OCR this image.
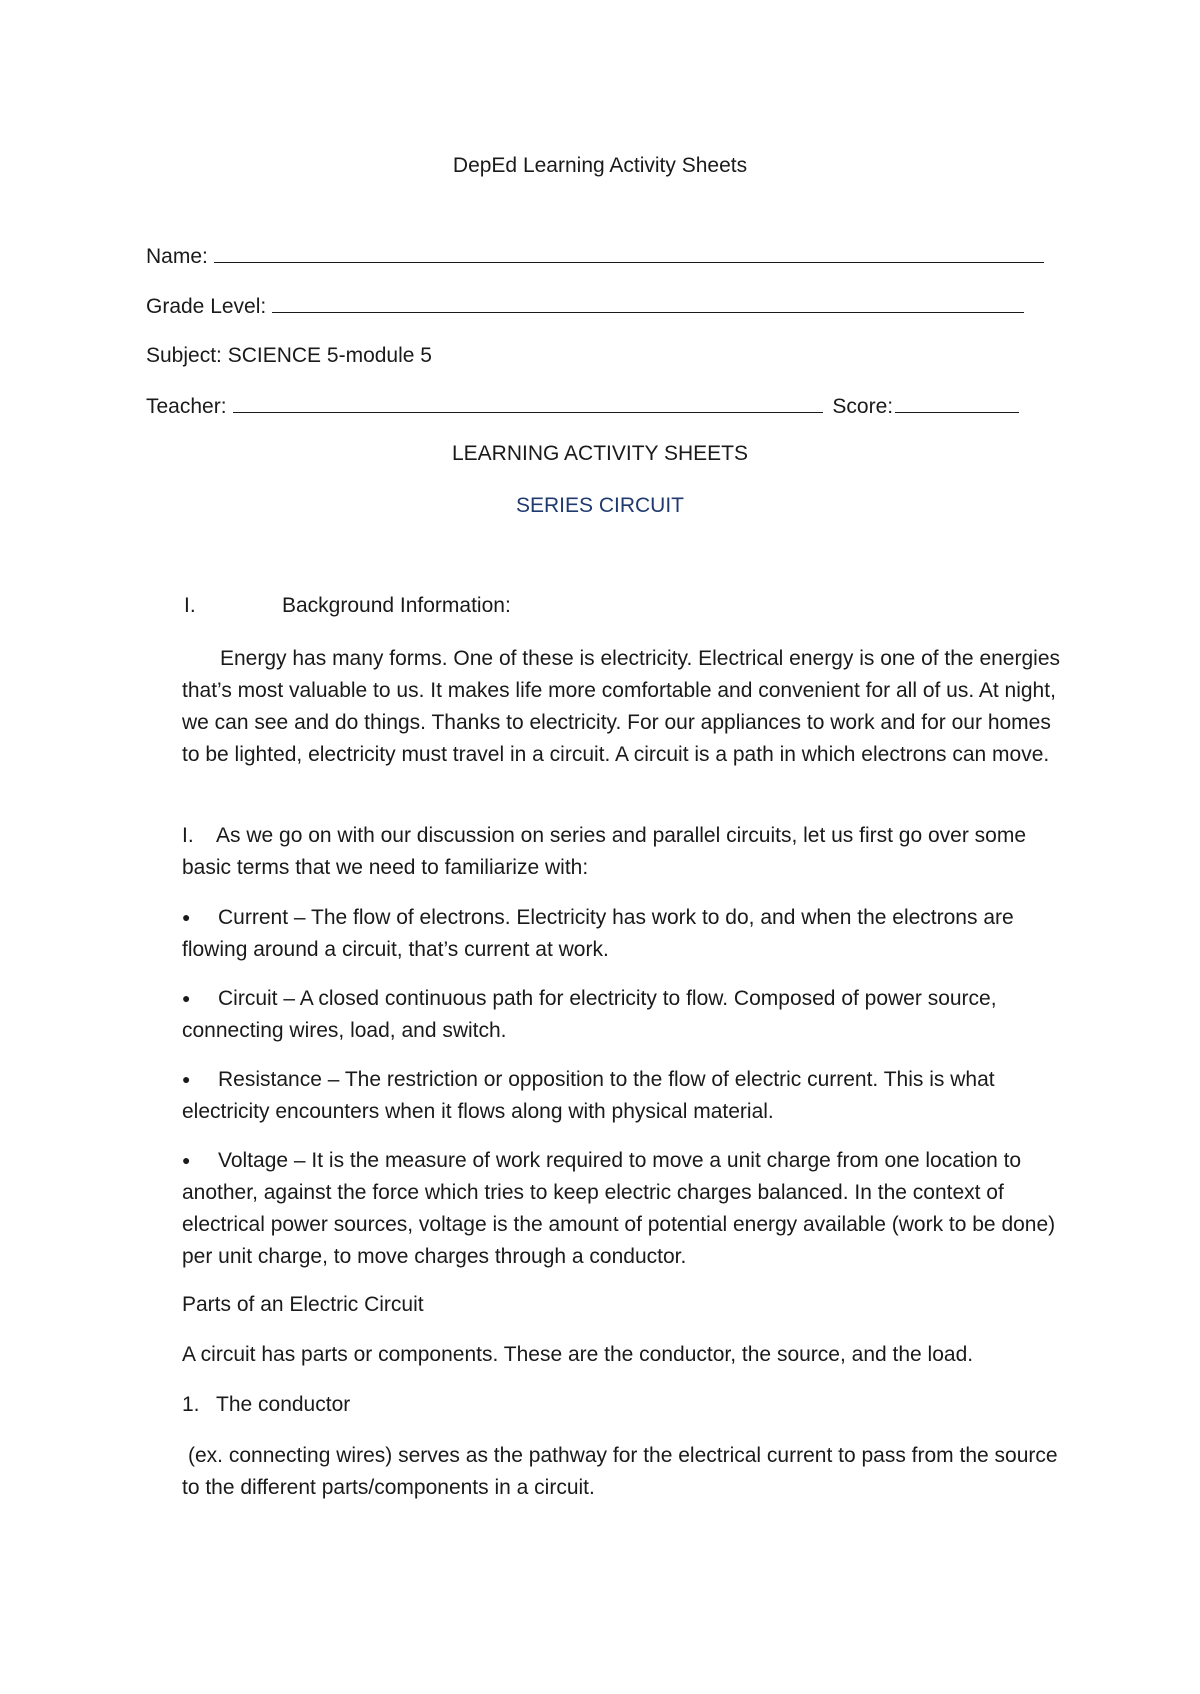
DepEd Learning Activity Sheets
Name:
Grade Level:
Subject: SCIENCE 5-module 5
Teacher:	Score:
LEARNING ACTIVITY SHEETS
SERIES CIRCUIT
I.	Background Information:

Energy has many forms. One of these is electricity. Electrical energy is one of the energies that’s most valuable to us. It makes life more comfortable and convenient for all of us. At night, we can see and do things. Thanks to electricity. For our appliances to work and for our homes to be lighted, electricity must travel in a circuit. A circuit is a path in which electrons can move.

I. As we go on with our discussion on series and parallel circuits, let us first go over some basic terms that we need to familiarize with:

● Current – The flow of electrons. Electricity has work to do, and when the electrons are flowing around a circuit, that’s current at work.

● Circuit – A closed continuous path for electricity to flow. Composed of power source, connecting wires, load, and switch.

● Resistance – The restriction or opposition to the flow of electric current. This is what electricity encounters when it flows along with physical material.

● Voltage – It is the measure of work required to move a unit charge from one location to another, against the force which tries to keep electric charges balanced. In the context of electrical power sources, voltage is the amount of potential energy available (work to be done) per unit charge, to move charges through a conductor.

Parts of an Electric Circuit
A circuit has parts or components. These are the conductor, the source, and the load.
1. The conductor

(ex. connecting wires) serves as the pathway for the electrical current to pass from the source to the different parts/components in a circuit.
